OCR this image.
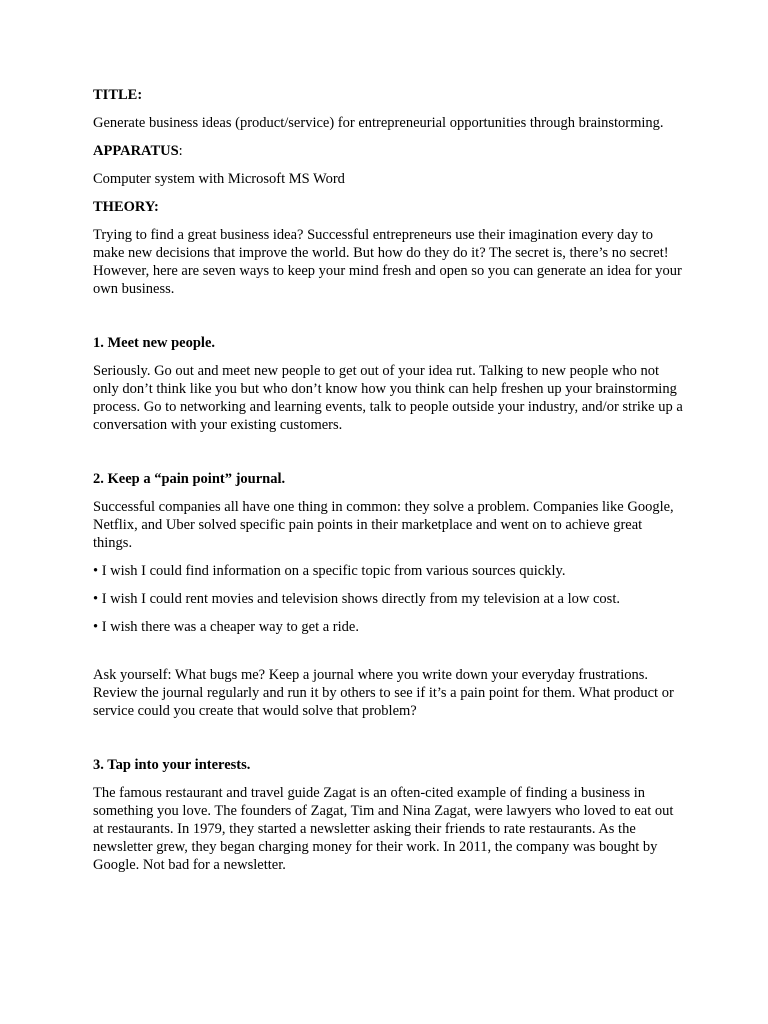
TITLE:

Generate business ideas (product/service) for entrepreneurial opportunities through brainstorming.

APPARATUS:

Computer system with Microsoft MS Word

THEORY:

Trying to find a great business idea? Successful entrepreneurs use their imagination every day to make new decisions that improve the world. But how do they do it? The secret is, there’s no secret! However, here are seven ways to keep your mind fresh and open so you can generate an idea for your own business.

1. Meet new people.

Seriously. Go out and meet new people to get out of your idea rut. Talking to new people who not only don’t think like you but who don’t know how you think can help freshen up your brainstorming process. Go to networking and learning events, talk to people outside your industry, and/or strike up a conversation with your existing customers.

2. Keep a “pain point” journal.

Successful companies all have one thing in common: they solve a problem. Companies like Google, Netflix, and Uber solved specific pain points in their marketplace and went on to achieve great things.

• I wish I could find information on a specific topic from various sources quickly.

• I wish I could rent movies and television shows directly from my television at a low cost.

• I wish there was a cheaper way to get a ride.

Ask yourself: What bugs me? Keep a journal where you write down your everyday frustrations. Review the journal regularly and run it by others to see if it’s a pain point for them. What product or service could you create that would solve that problem?

3. Tap into your interests.

The famous restaurant and travel guide Zagat is an often-cited example of finding a business in something you love. The founders of Zagat, Tim and Nina Zagat, were lawyers who loved to eat out at restaurants. In 1979, they started a newsletter asking their friends to rate restaurants. As the newsletter grew, they began charging money for their work. In 2011, the company was bought by Google. Not bad for a newsletter.
